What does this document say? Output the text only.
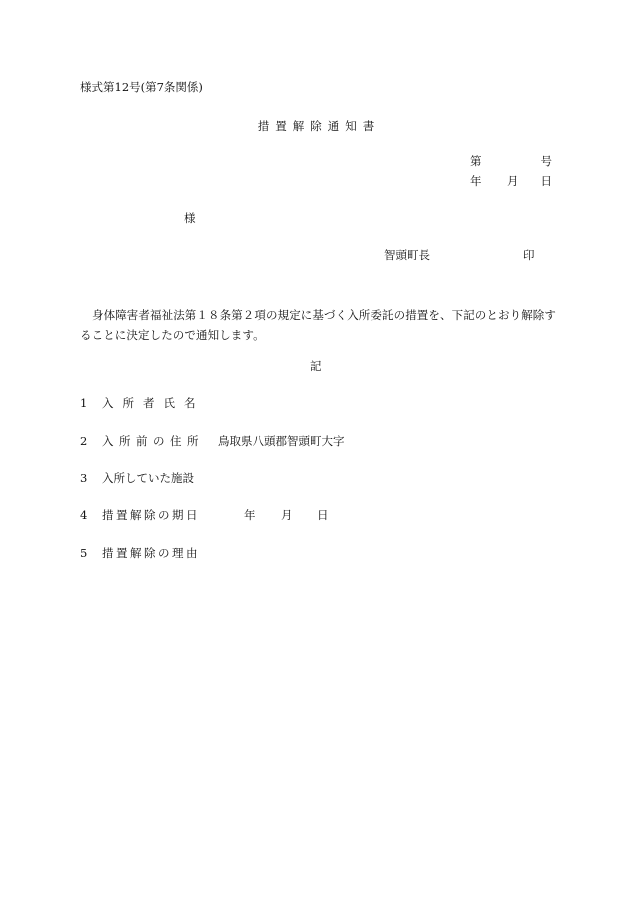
様式第12号(第7条関係)
措置解除通知書
第	号
年 月 日
様
智頭町長	印
身体障害者福祉法第１８条第２項の規定に基づく入所委託の措置を、下記のとおり解除することに決定したので通知します。
記
1 入所者氏名
2 入所前の住所 鳥取県八頭郡智頭町大字
3 入所していた施設
4 措置解除の期日	年 月 日
5 措置解除の理由
